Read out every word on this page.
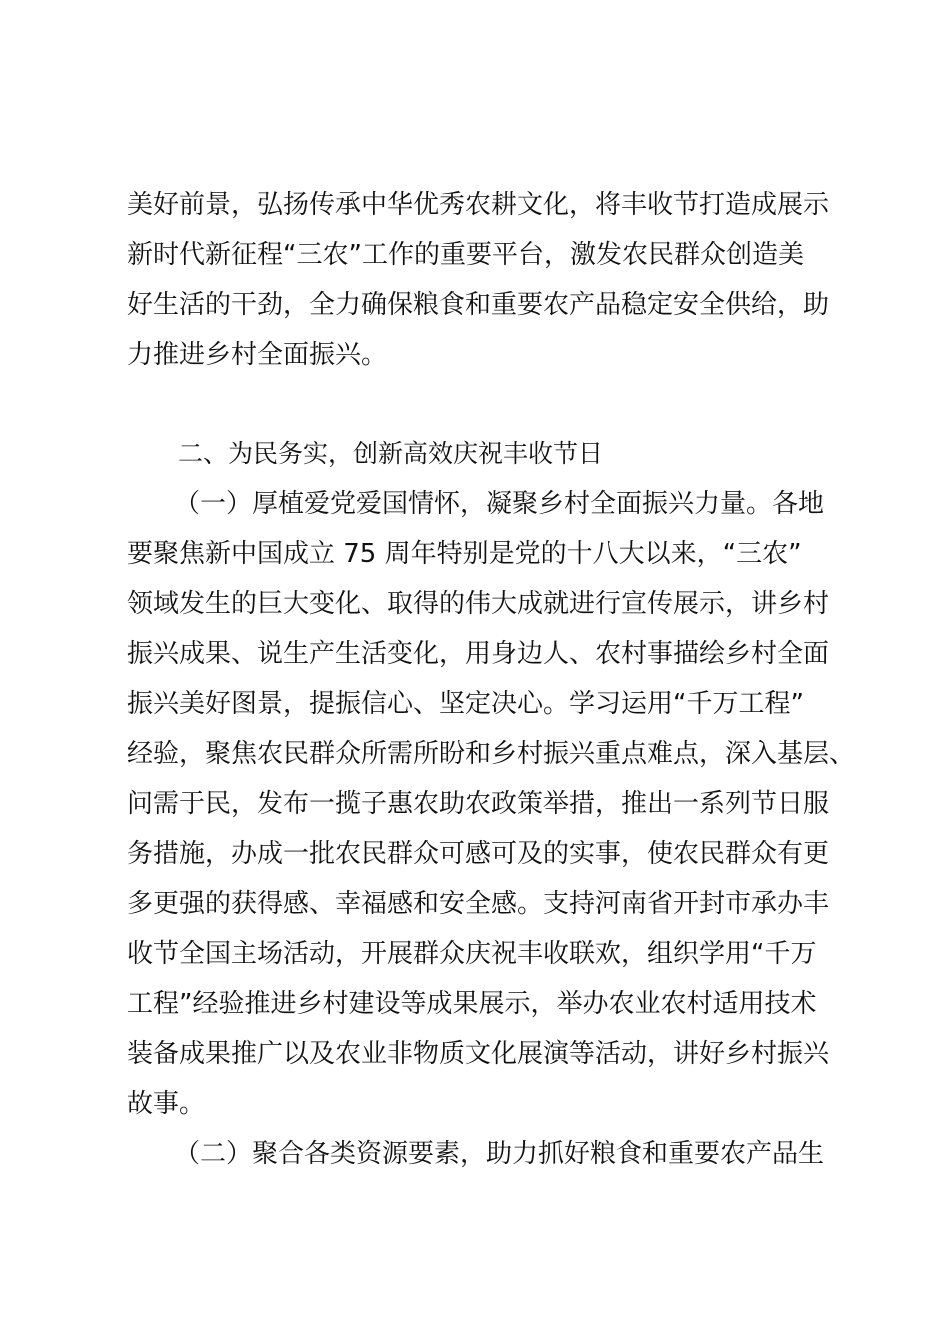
美好前景，弘扬传承中华优秀农耕文化，将丰收节打造成展示

新时代新征程“三农”工作的重要平台，激发农民群众创造美

好生活的干劲，全力确保粮食和重要农产品稳定安全供给，助

力推进乡村全面振兴。

二、为民务实，创新高效庆祝丰收节日

（一）厚植爱党爱国情怀，凝聚乡村全面振兴力量。各地

要聚焦新中国成立 75 周年特别是党的十八大以来，“三农”

领域发生的巨大变化、取得的伟大成就进行宣传展示，讲乡村

振兴成果、说生产生活变化，用身边人、农村事描绘乡村全面

振兴美好图景，提振信心、坚定决心。学习运用“千万工程”

经验，聚焦农民群众所需所盼和乡村振兴重点难点，深入基层、

问需于民，发布一揽子惠农助农政策举措，推出一系列节日服

务措施，办成一批农民群众可感可及的实事，使农民群众有更

多更强的获得感、幸福感和安全感。支持河南省开封市承办丰

收节全国主场活动，开展群众庆祝丰收联欢，组织学用“千万

工程”经验推进乡村建设等成果展示，举办农业农村适用技术

装备成果推广以及农业非物质文化展演等活动，讲好乡村振兴

故事。

（二）聚合各类资源要素，助力抓好粮食和重要农产品生
